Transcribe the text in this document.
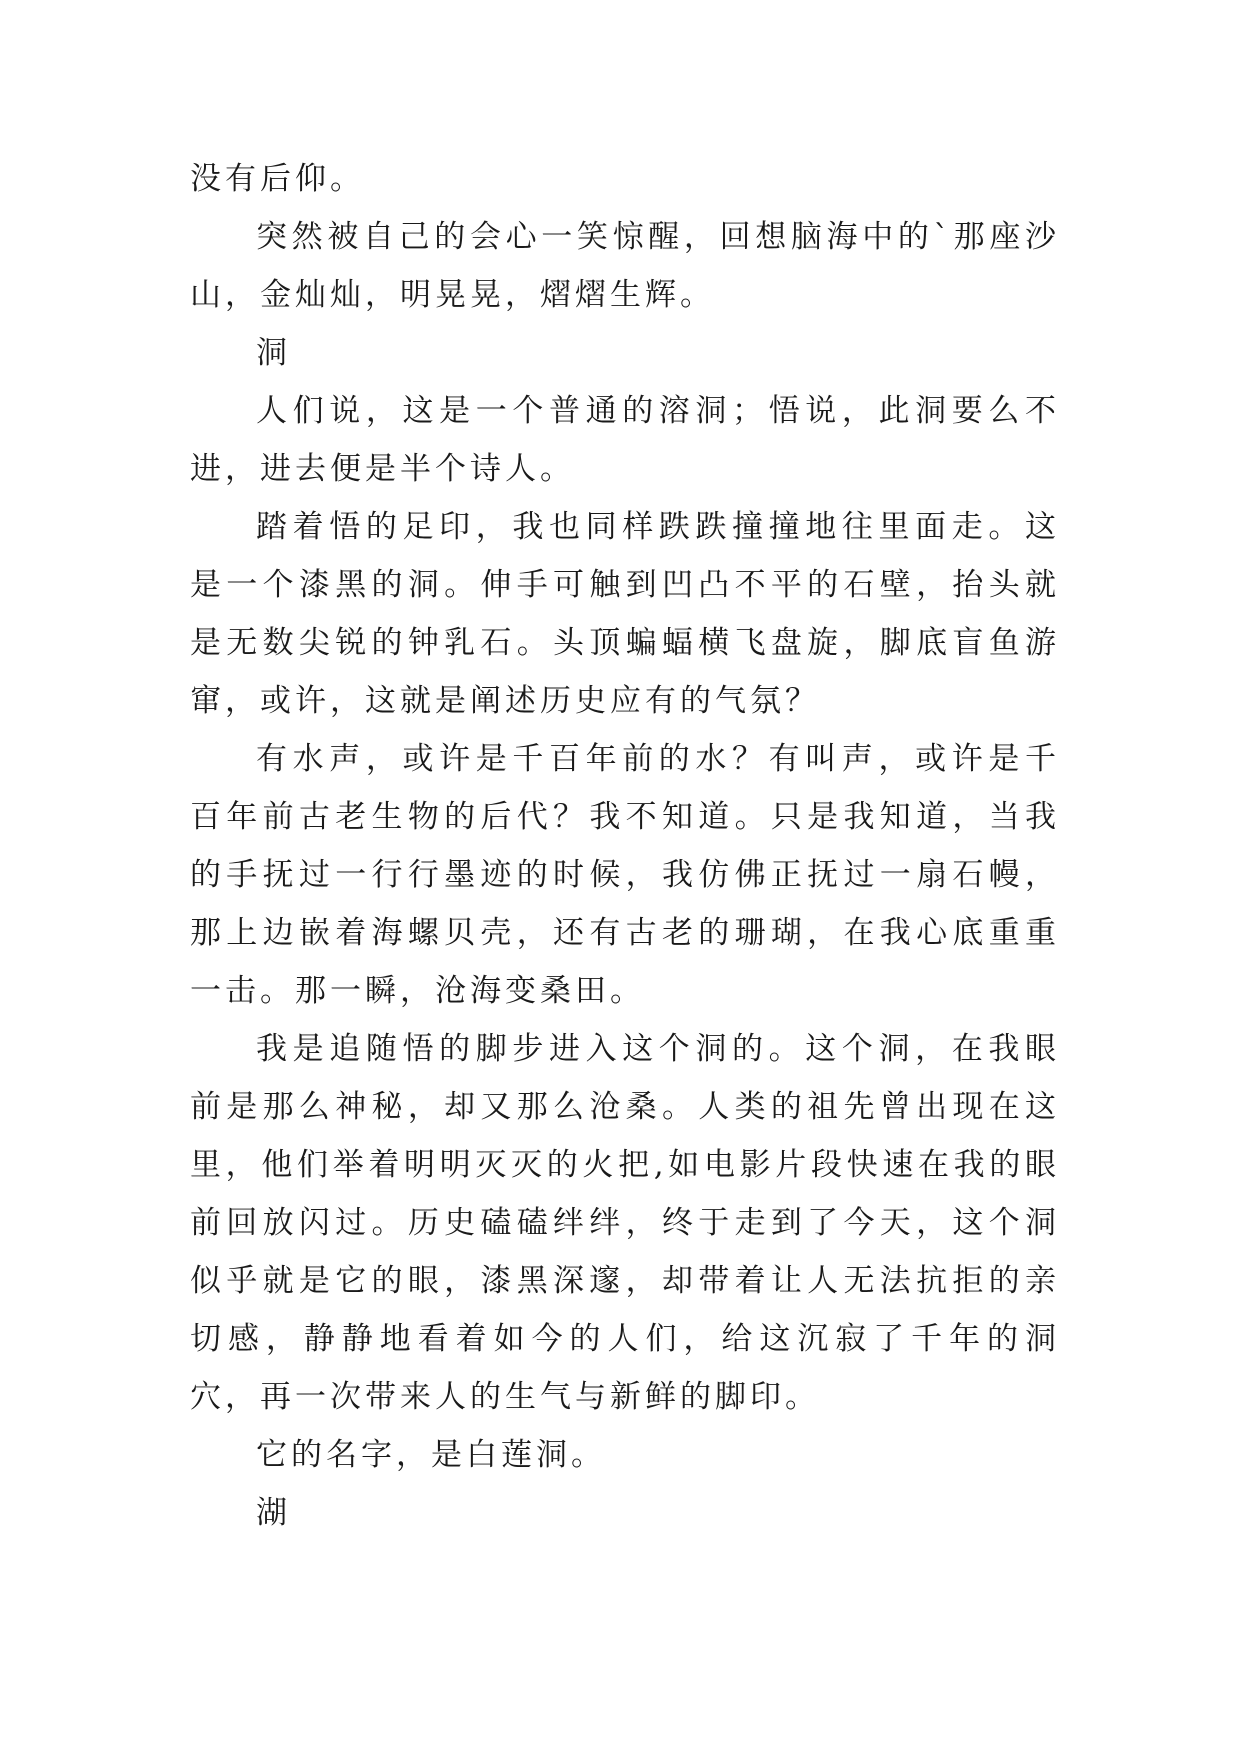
没有后仰。

突然被自己的会心一笑惊醒，回想脑海中的`那座沙山，金灿灿，明晃晃，熠熠生辉。

洞

人们说，这是一个普通的溶洞；悟说，此洞要么不进，进去便是半个诗人。

踏着悟的足印，我也同样跌跌撞撞地往里面走。这是一个漆黑的洞。伸手可触到凹凸不平的石壁，抬头就是无数尖锐的钟乳石。头顶蝙蝠横飞盘旋，脚底盲鱼游窜，或许，这就是阐述历史应有的气氛？

有水声，或许是千百年前的水？有叫声，或许是千百年前古老生物的后代？我不知道。只是我知道，当我的手抚过一行行墨迹的时候，我仿佛正抚过一扇石幔，那上边嵌着海螺贝壳，还有古老的珊瑚，在我心底重重一击。那一瞬，沧海变桑田。

我是追随悟的脚步进入这个洞的。这个洞，在我眼前是那么神秘，却又那么沧桑。人类的祖先曾出现在这里，他们举着明明灭灭的火把,如电影片段快速在我的眼前回放闪过。历史磕磕绊绊，终于走到了今天，这个洞似乎就是它的眼，漆黑深邃，却带着让人无法抗拒的亲切感，静静地看着如今的人们，给这沉寂了千年的洞穴，再一次带来人的生气与新鲜的脚印。

它的名字，是白莲洞。

湖
